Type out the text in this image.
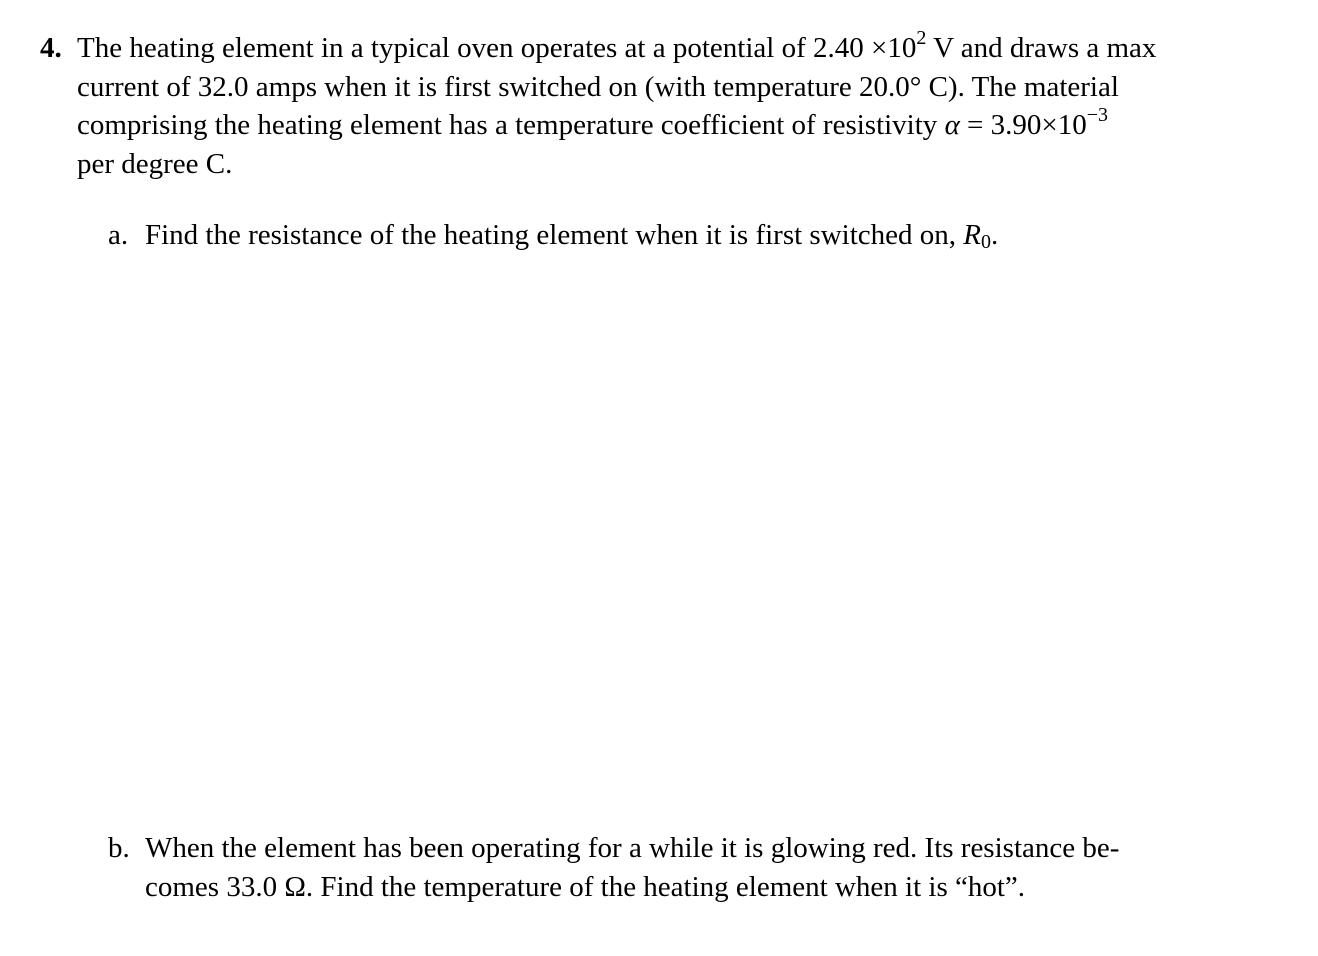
4. The heating element in a typical oven operates at a potential of $2.40 \times 10^2$ V and draws a max
current of 32.0 amps when it is first switched on (with temperature 20.0° C). The material
comprising the heating element has a temperature coefficient of resistivity $\alpha = 3.90\times 10^{-3}$
per degree C.
a. Find the resistance of the heating element when it is first switched on, $R_0$.
b. When the element has been operating for a while it is glowing red. Its resistance be-
comes 33.0 Ω. Find the temperature of the heating element when it is “hot”.
